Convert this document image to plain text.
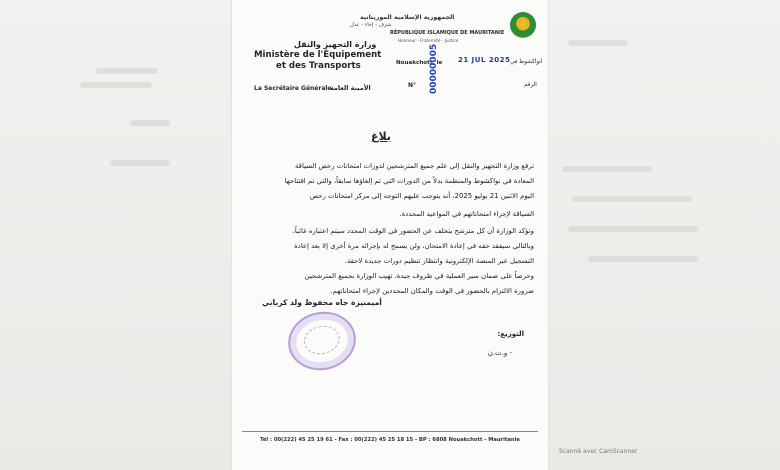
الجمهورية الإسلامية الموريتانية
شرف - إخاء - عدل
RÉPUBLIQUE ISLAMIQUE DE MAURITANIE
Honneur - Fraternité - Justice
وزارة التجهيز والنقل
Ministère de l'Équipement
et des Transports
La Secrétaire Générale
الأمينة العامة
Nouakchott, le 21 JUL 2025 انواكشوط في
N°	الرقم
00000005
بلاغ
ترفع وزارة التجهيز والنقل إلى علم جميع المترشحين لدورات امتحانات رخص السياقة
المعادة في نواكشوط والمنظمة بدلاً من الدورات التي تم إلغاؤها سابقاً، والتي تم افتتاحها
اليوم الاثنين 21 يوليو 2025، أنه يتوجب عليهم التوجه إلى مركز امتحانات رخص
السياقة لإجراء امتحاناتهم في المواعيد المحددة.
وتؤكد الوزارة أن كل مترشح يتخلف عن الحضور في الوقت المحدد سيتم اعتباره غائباً،
وبالتالي سيفقد حقه في إعادة الامتحان، ولن يسمح له بإجرائه مرة أخرى إلا بعد إعادة
التسجيل عبر المنصة الإلكترونية وانتظار تنظيم دورات جديدة لاحقة.
وحرصاً على ضمان سير العملية في ظروف جيدة، تهيب الوزارة بجميع المترشحين
ضرورة الالتزام بالحضور في الوقت والمكان المحددين لإجراء امتحاناتهم.
أميمنيزة جاه محفوظ ولد كرباني
التوزيع:
- و.ت.ن
Tél : 00(222) 45 25 19 61 - Fax : 00(222) 45 25 18 15 - BP : 6808 Nouakchott - Mauritanie
Scanné avec CamScanner
